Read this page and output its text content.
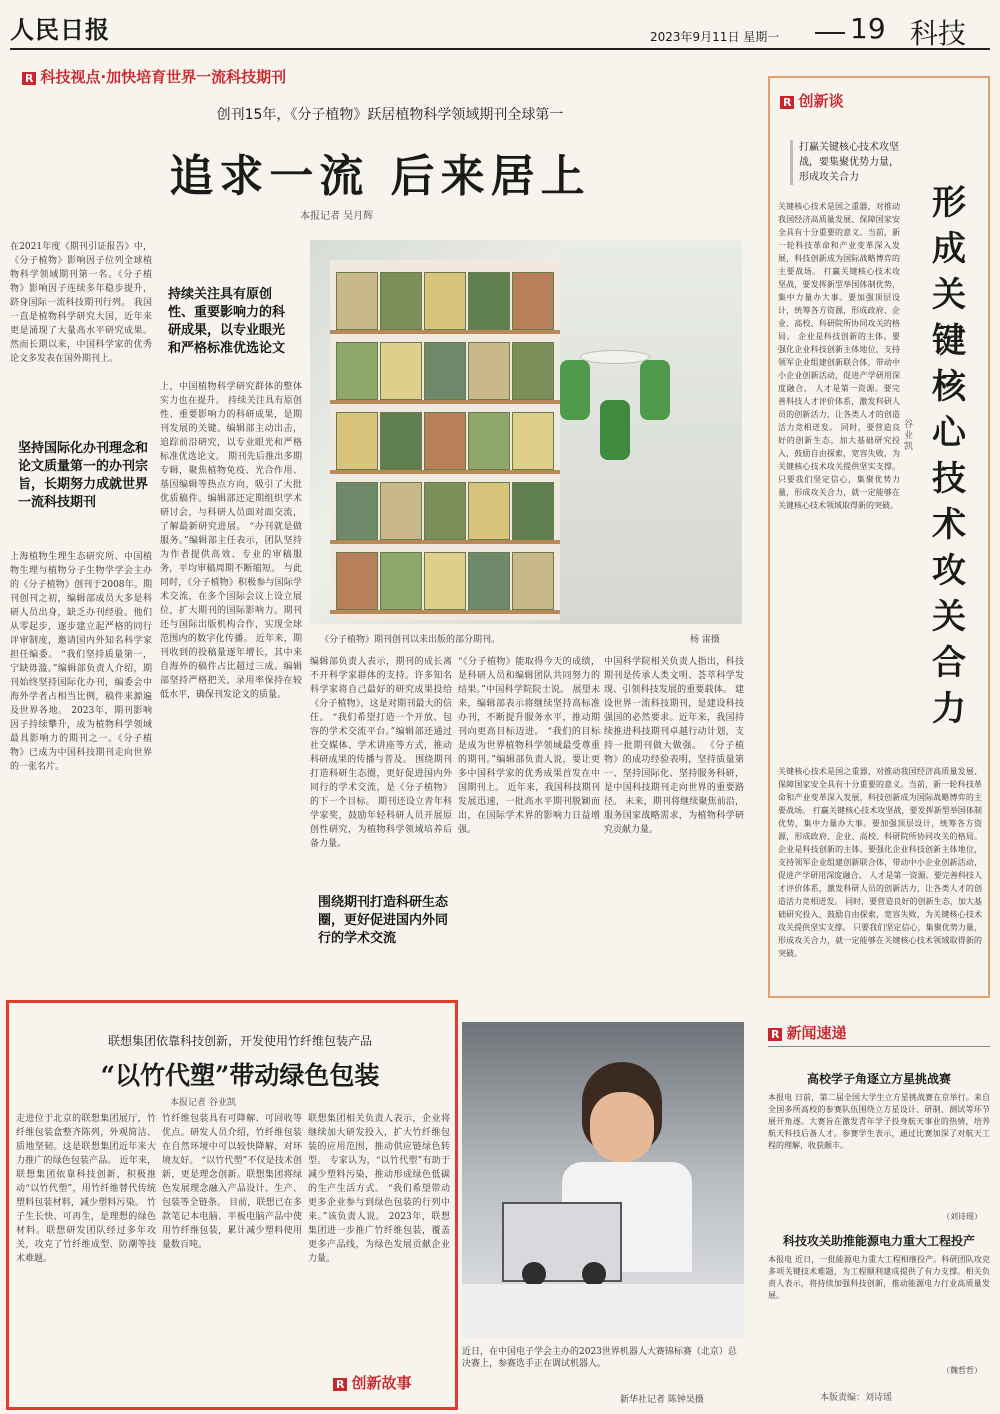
人民日报	2023年9月11日 星期一	19 科技
R 科技视点·加快培育世界一流科技期刊
创刊15年，《分子植物》跃居植物科学领域期刊全球第一
追求一流 后来居上
本报记者 吴月辉
在2021年度《期刊引证报告》中，《分子植物》影响因子位列全球植物科学领域期刊第一名。《分子植物》影响因子连续多年稳步提升，跻身国际一流科技期刊行列。 我国一直是植物科学研究大国，近年来更是涌现了大量高水平研究成果。然而长期以来，中国科学家的优秀论文多发表在国外期刊上。
坚持国际化办刊理念和论文质量第一的办刊宗旨，长期努力成就世界一流科技期刊
上海植物生理生态研究所、中国植物生理与植物分子生物学学会主办的《分子植物》创刊于2008年。期刊创刊之初，编辑部成员大多是科研人员出身，缺乏办刊经验。他们从零起步，逐步建立起严格的同行评审制度，邀请国内外知名科学家担任编委。 “我们坚持质量第一，宁缺毋滥。”编辑部负责人介绍，期刊始终坚持国际化办刊，编委会中海外学者占相当比例，稿件来源遍及世界各地。 2023年，期刊影响因子持续攀升，成为植物科学领域最具影响力的期刊之一。《分子植物》已成为中国科技期刊走向世界的一张名片。
持续关注具有原创性、重要影响力的科研成果，以专业眼光和严格标准优选论文
上，中国植物科学研究群体的整体实力也在提升。 持续关注具有原创性、重要影响力的科研成果，是期刊发展的关键。编辑部主动出击，追踪前沿研究，以专业眼光和严格标准优选论文。 期刊先后推出多期专辑，聚焦植物免疫、光合作用、基因编辑等热点方向，吸引了大批优质稿件。编辑部还定期组织学术研讨会，与科研人员面对面交流，了解最新研究进展。 “办刊就是做服务。”编辑部主任表示，团队坚持为作者提供高效、专业的审稿服务，平均审稿周期不断缩短。 与此同时，《分子植物》积极参与国际学术交流，在多个国际会议上设立展位，扩大期刊的国际影响力。期刊还与国际出版机构合作，实现全球范围内的数字化传播。 近年来，期刊收到的投稿量逐年增长，其中来自海外的稿件占比超过三成。编辑部坚持严格把关，录用率保持在较低水平，确保刊发论文的质量。
《分子植物》期刊创刊以来出版的部分期刊。	杨 雷摄
编辑部负责人表示，期刊的成长离不开科学家群体的支持。许多知名科学家将自己最好的研究成果投给《分子植物》，这是对期刊最大的信任。 “我们希望打造一个开放、包容的学术交流平台。”编辑部还通过社交媒体、学术讲座等方式，推动科研成果的传播与普及。 围绕期刊打造科研生态圈，更好促进国内外同行的学术交流，是《分子植物》的下一个目标。 期刊还设立青年科学家奖，鼓励年轻科研人员开展原创性研究，为植物科学领域培养后备力量。
围绕期刊打造科研生态圈，更好促进国内外同行的学术交流
“《分子植物》能取得今天的成绩，是科研人员和编辑团队共同努力的结果。”中国科学院院士说。 展望未来，编辑部表示将继续坚持高标准办刊，不断提升服务水平，推动期刊向更高目标迈进。 “我们的目标是成为世界植物科学领域最受尊重的期刊。”编辑部负责人说，要让更多中国科学家的优秀成果首发在中国期刊上。 近年来，我国科技期刊发展迅速，一批高水平期刊脱颖而出，在国际学术界的影响力日益增强。
中国科学院相关负责人指出，科技期刊是传承人类文明、荟萃科学发现、引领科技发展的重要载体。 建设世界一流科技期刊，是建设科技强国的必然要求。近年来，我国持续推进科技期刊卓越行动计划，支持一批期刊做大做强。 《分子植物》的成功经验表明，坚持质量第一、坚持国际化、坚持服务科研，是中国科技期刊走向世界的重要路径。 未来，期刊将继续聚焦前沿，服务国家战略需求，为植物科学研究贡献力量。
R 创新谈
打赢关键核心技术攻坚战，要集聚优势力量，形成攻关合力
形成关键核心技术攻关合力
谷业凯
关键核心技术是国之重器，对推动我国经济高质量发展、保障国家安全具有十分重要的意义。当前，新一轮科技革命和产业变革深入发展，科技创新成为国际战略博弈的主要战场。 打赢关键核心技术攻坚战，要发挥新型举国体制优势，集中力量办大事。要加强顶层设计，统筹各方资源，形成政府、企业、高校、科研院所协同攻关的格局。 企业是科技创新的主体。要强化企业科技创新主体地位，支持领军企业组建创新联合体，带动中小企业创新活动，促进产学研用深度融合。 人才是第一资源。要完善科技人才评价体系，激发科研人员的创新活力，让各类人才的创造活力竞相迸发。 同时，要营造良好的创新生态，加大基础研究投入，鼓励自由探索，宽容失败，为关键核心技术攻关提供坚实支撑。 只要我们坚定信心，集聚优势力量，形成攻关合力，就一定能够在关键核心技术领域取得新的突破。
关键核心技术是国之重器，对推动我国经济高质量发展、保障国家安全具有十分重要的意义。当前，新一轮科技革命和产业变革深入发展，科技创新成为国际战略博弈的主要战场。 打赢关键核心技术攻坚战，要发挥新型举国体制优势，集中力量办大事。要加强顶层设计，统筹各方资源，形成政府、企业、高校、科研院所协同攻关的格局。 企业是科技创新的主体。要强化企业科技创新主体地位，支持领军企业组建创新联合体，带动中小企业创新活动，促进产学研用深度融合。 人才是第一资源。要完善科技人才评价体系，激发科研人员的创新活力，让各类人才的创造活力竞相迸发。 同时，要营造良好的创新生态，加大基础研究投入，鼓励自由探索，宽容失败，为关键核心技术攻关提供坚实支撑。 只要我们坚定信心，集聚优势力量，形成攻关合力，就一定能够在关键核心技术领域取得新的突破。
联想集团依靠科技创新，开发使用竹纤维包装产品
“以竹代塑”带动绿色包装
本报记者 谷业凯
走进位于北京的联想集团展厅，竹纤维包装盒整齐陈列，外观简洁、质地坚韧。这是联想集团近年来大力推广的绿色包装产品。 近年来，联想集团依靠科技创新，积极推动“以竹代塑”，用竹纤维替代传统塑料包装材料，减少塑料污染。 竹子生长快、可再生，是理想的绿色材料。联想研发团队经过多年攻关，攻克了竹纤维成型、防潮等技术难题。
竹纤维包装具有可降解、可回收等优点。研发人员介绍，竹纤维包装在自然环境中可以较快降解，对环境友好。 “以竹代塑”不仅是技术创新，更是理念创新。联想集团将绿色发展理念融入产品设计、生产、包装等全链条。 目前，联想已在多款笔记本电脑、平板电脑产品中使用竹纤维包装，累计减少塑料使用量数百吨。
联想集团相关负责人表示，企业将继续加大研发投入，扩大竹纤维包装的应用范围，推动供应链绿色转型。 专家认为，“以竹代塑”有助于减少塑料污染，推动形成绿色低碳的生产生活方式。 “我们希望带动更多企业参与到绿色包装的行列中来。”该负责人说。 2023年，联想集团进一步推广竹纤维包装，覆盖更多产品线，为绿色发展贡献企业力量。
R 创新故事
近日，在中国电子学会主办的2023世界机器人大赛锦标赛（北京）总决赛上，参赛选手正在调试机器人。
新华社记者 陈钟昊摄
R 新闻速递
高校学子角逐立方星挑战赛
本报电 日前，第二届全国大学生立方星挑战赛在京举行。来自全国多所高校的参赛队伍围绕立方星设计、研制、测试等环节展开角逐。大赛旨在激发青年学子投身航天事业的热情，培养航天科技后备人才。参赛学生表示，通过比赛加深了对航天工程的理解，收获颇丰。
（刘诗瑶）
科技攻关助推能源电力重大工程投产
本报电 近日，一批能源电力重大工程相继投产。科研团队攻克多项关键技术难题，为工程顺利建成提供了有力支撑。相关负责人表示，将持续加强科技创新，推动能源电力行业高质量发展。
（魏哲哲）
本版责编：刘诗瑶
